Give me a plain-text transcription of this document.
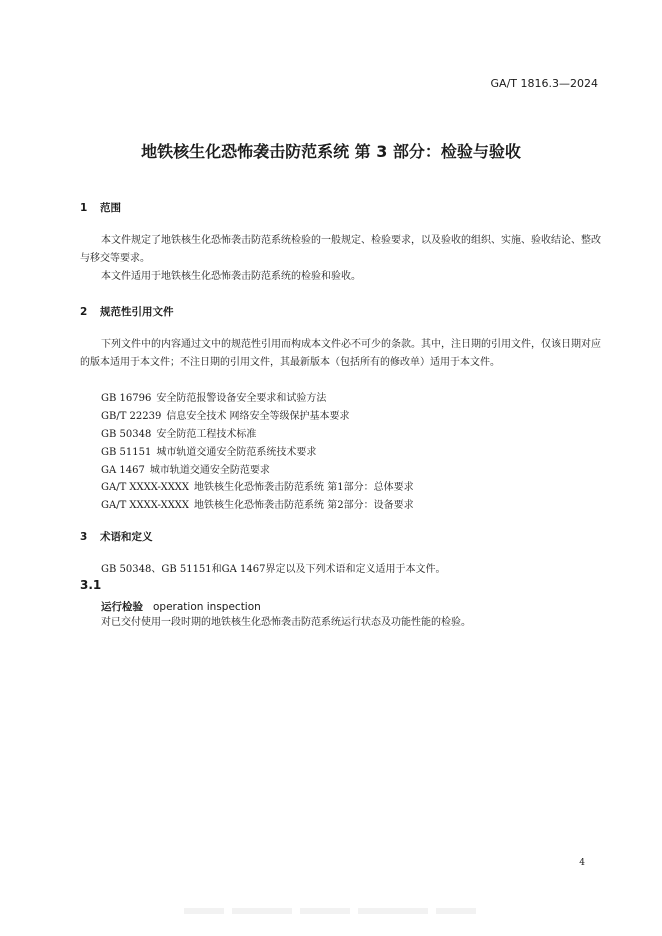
GA/T 1816.3—2024
地铁核生化恐怖袭击防范系统 第 3 部分：检验与验收
1 范围
本文件规定了地铁核生化恐怖袭击防范系统检验的一般规定、检验要求，以及验收的组织、实施、验收结论、整改与移交等要求。
本文件适用于地铁核生化恐怖袭击防范系统的检验和验收。
2 规范性引用文件
下列文件中的内容通过文中的规范性引用而构成本文件必不可少的条款。其中，注日期的引用文件，仅该日期对应的版本适用于本文件；不注日期的引用文件，其最新版本（包括所有的修改单）适用于本文件。
GB 16796 安全防范报警设备安全要求和试验方法
GB/T 22239 信息安全技术 网络安全等级保护基本要求
GB 50348 安全防范工程技术标准
GB 51151 城市轨道交通安全防范系统技术要求
GA 1467 城市轨道交通安全防范要求
GA/T XXXX-XXXX 地铁核生化恐怖袭击防范系统 第1部分：总体要求
GA/T XXXX-XXXX 地铁核生化恐怖袭击防范系统 第2部分：设备要求
3 术语和定义
GB 50348、GB 51151和GA 1467界定以及下列术语和定义适用于本文件。
3.1
运行检验 operation inspection
对已交付使用一段时期的地铁核生化恐怖袭击防范系统运行状态及功能性能的检验。
4
